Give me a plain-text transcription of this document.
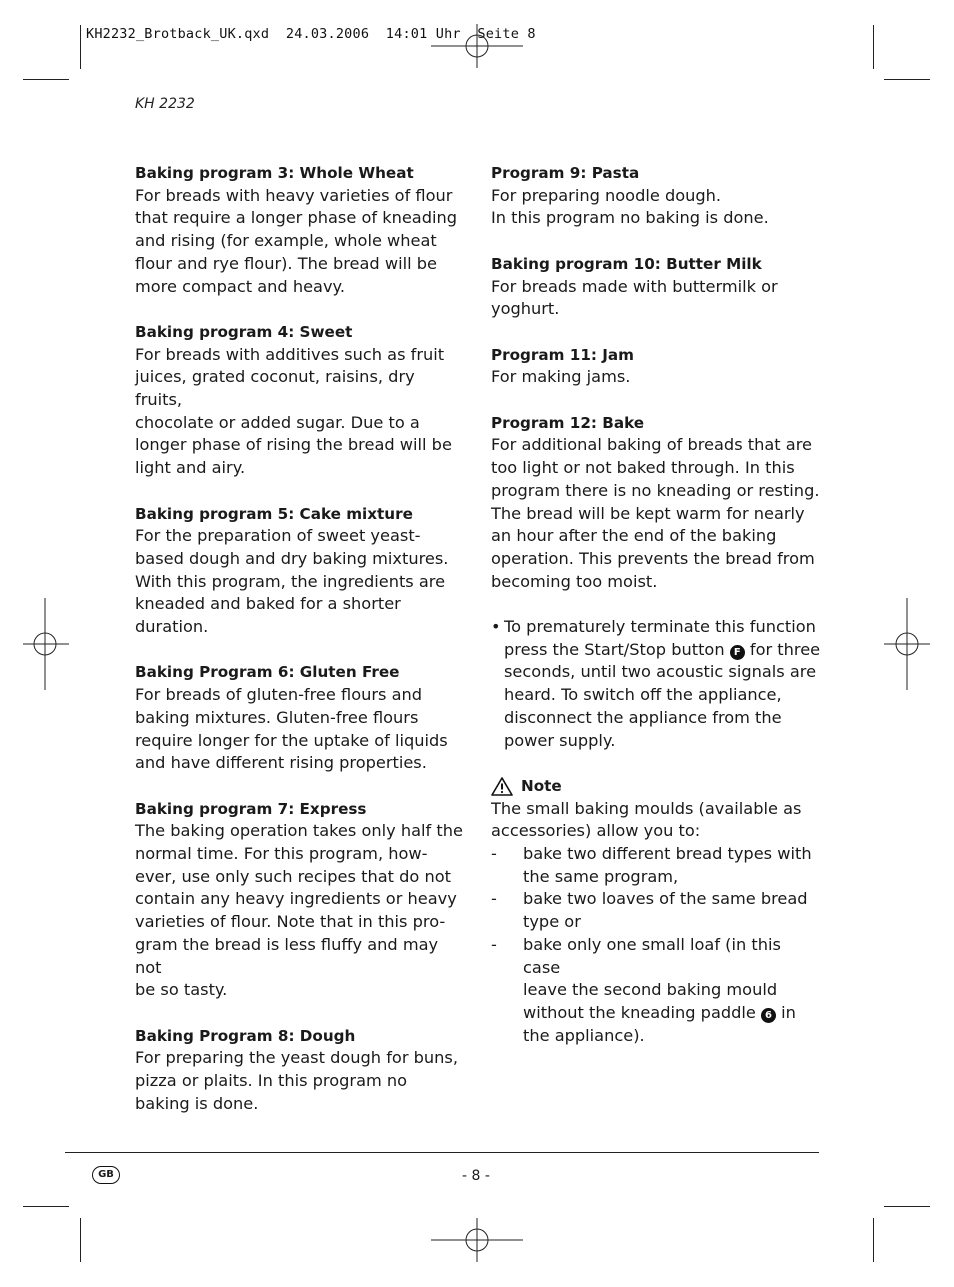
KH2232_Brotback_UK.qxd  24.03.2006  14:01 Uhr  Seite 8
KH 2232
Baking program 3: Whole Wheat
For breads with heavy varieties of flour
that require a longer phase of kneading
and rising (for example, whole wheat
flour and rye flour). The bread will be
more compact and heavy.
Baking program 4: Sweet
For breads with additives such as fruit
juices, grated coconut, raisins, dry fruits,
chocolate or added sugar. Due to a
longer phase of rising the bread will be
light and airy.
Baking program 5: Cake mixture
For the preparation of sweet yeast-
based dough and dry baking mixtures.
With this program, the ingredients are
kneaded and baked for a shorter
duration.
Baking Program 6: Gluten Free
For breads of gluten-free flours and
baking mixtures. Gluten-free flours
require longer for the uptake of liquids
and have different rising properties.
Baking program 7: Express
The baking operation takes only half the
normal time. For this program, how-
ever, use only such recipes that do not
contain any heavy ingredients or heavy
varieties of flour. Note that in this pro-
gram the bread is less fluffy and may not
be so tasty.
Baking Program 8: Dough
For preparing the yeast dough for buns,
pizza or plaits. In this program no
baking is done.
Program 9: Pasta
For preparing noodle dough.
In this program no baking is done.
Baking program 10: Butter Milk
For breads made with buttermilk or
yoghurt.
Program 11: Jam
For making jams.
Program 12: Bake
For additional baking of breads that are
too light or not baked through. In this
program there is no kneading or resting.
The bread will be kept warm for nearly
an hour after the end of the baking
operation. This prevents the bread from
becoming too moist.
• To prematurely terminate this function
press the Start/Stop button F for three
seconds, until two acoustic signals are
heard. To switch off the appliance,
disconnect the appliance from the
power supply.
Note
The small baking moulds (available as
accessories) allow you to:
- bake two different bread types with
the same program,
- bake two loaves of the same bread
type or
- bake only one small loaf (in this case
leave the second baking mould
without the kneading paddle 6 in
the appliance).
GB	- 8 -
